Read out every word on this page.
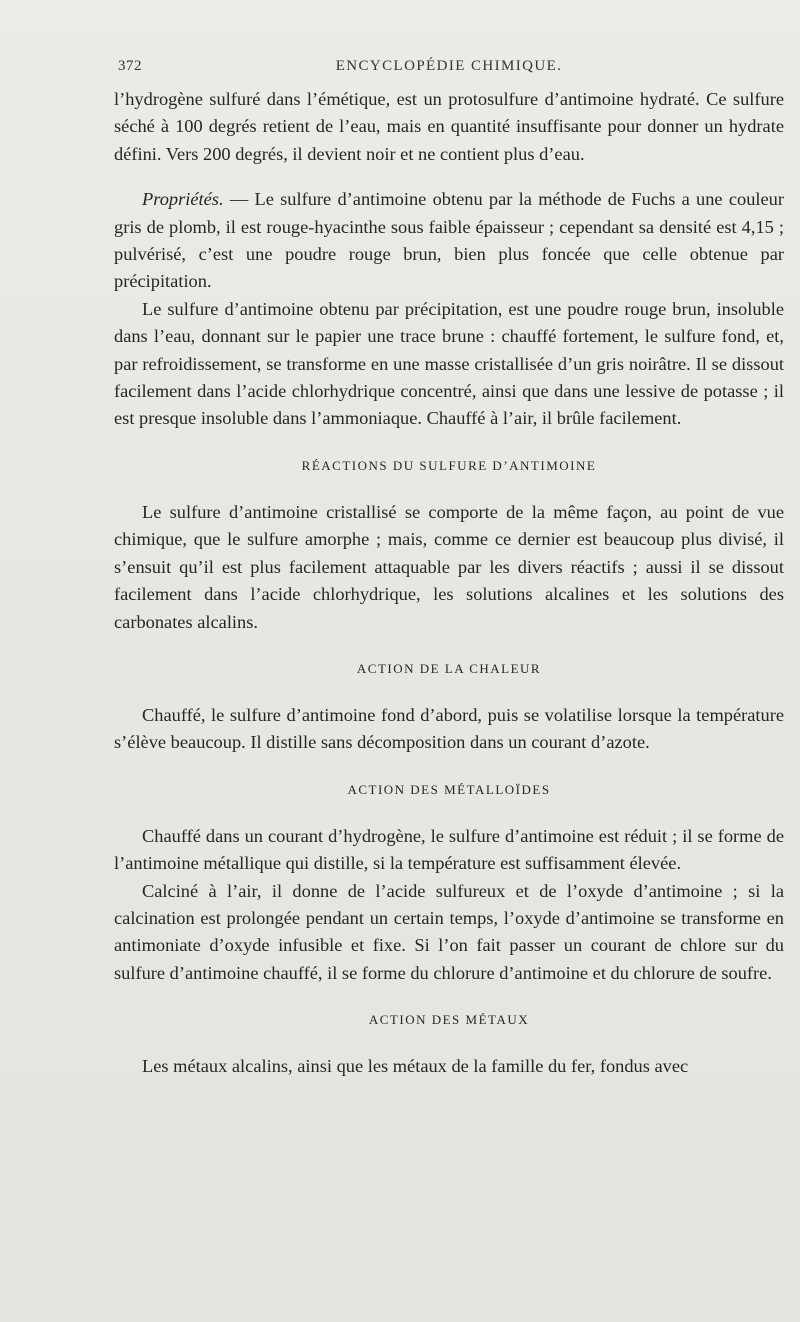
372	ENCYCLOPÉDIE CHIMIQUE.

l’hydrogène sulfuré dans l’émétique, est un protosulfure d’antimoine hydraté. Ce sulfure séché à 100 degrés retient de l’eau, mais en quantité insuffisante pour donner un hydrate défini. Vers 200 degrés, il devient noir et ne contient plus d’eau.

Propriétés. — Le sulfure d’antimoine obtenu par la méthode de Fuchs a une couleur gris de plomb, il est rouge-hyacinthe sous faible épaisseur ; cependant sa densité est 4,15 ; pulvérisé, c’est une poudre rouge brun, bien plus foncée que celle obtenue par précipitation.

Le sulfure d’antimoine obtenu par précipitation, est une poudre rouge brun, insoluble dans l’eau, donnant sur le papier une trace brune : chauffé fortement, le sulfure fond, et, par refroidissement, se transforme en une masse cristallisée d’un gris noirâtre. Il se dissout facilement dans l’acide chlorhydrique concentré, ainsi que dans une lessive de potasse ; il est presque insoluble dans l’ammoniaque. Chauffé à l’air, il brûle facilement.

RÉACTIONS DU SULFURE D’ANTIMOINE

Le sulfure d’antimoine cristallisé se comporte de la même façon, au point de vue chimique, que le sulfure amorphe ; mais, comme ce dernier est beaucoup plus divisé, il s’ensuit qu’il est plus facilement attaquable par les divers réactifs ; aussi il se dissout facilement dans l’acide chlorhydrique, les solutions alcalines et les solutions des carbonates alcalins.

ACTION DE LA CHALEUR

Chauffé, le sulfure d’antimoine fond d’abord, puis se volatilise lorsque la température s’élève beaucoup. Il distille sans décomposition dans un courant d’azote.

ACTION DES MÉTALLOÏDES

Chauffé dans un courant d’hydrogène, le sulfure d’antimoine est réduit ; il se forme de l’antimoine métallique qui distille, si la température est suffisamment élevée.

Calciné à l’air, il donne de l’acide sulfureux et de l’oxyde d’antimoine ; si la calcination est prolongée pendant un certain temps, l’oxyde d’antimoine se transforme en antimoniate d’oxyde infusible et fixe. Si l’on fait passer un courant de chlore sur du sulfure d’antimoine chauffé, il se forme du chlorure d’antimoine et du chlorure de soufre.

ACTION DES MÉTAUX

Les métaux alcalins, ainsi que les métaux de la famille du fer, fondus avec
